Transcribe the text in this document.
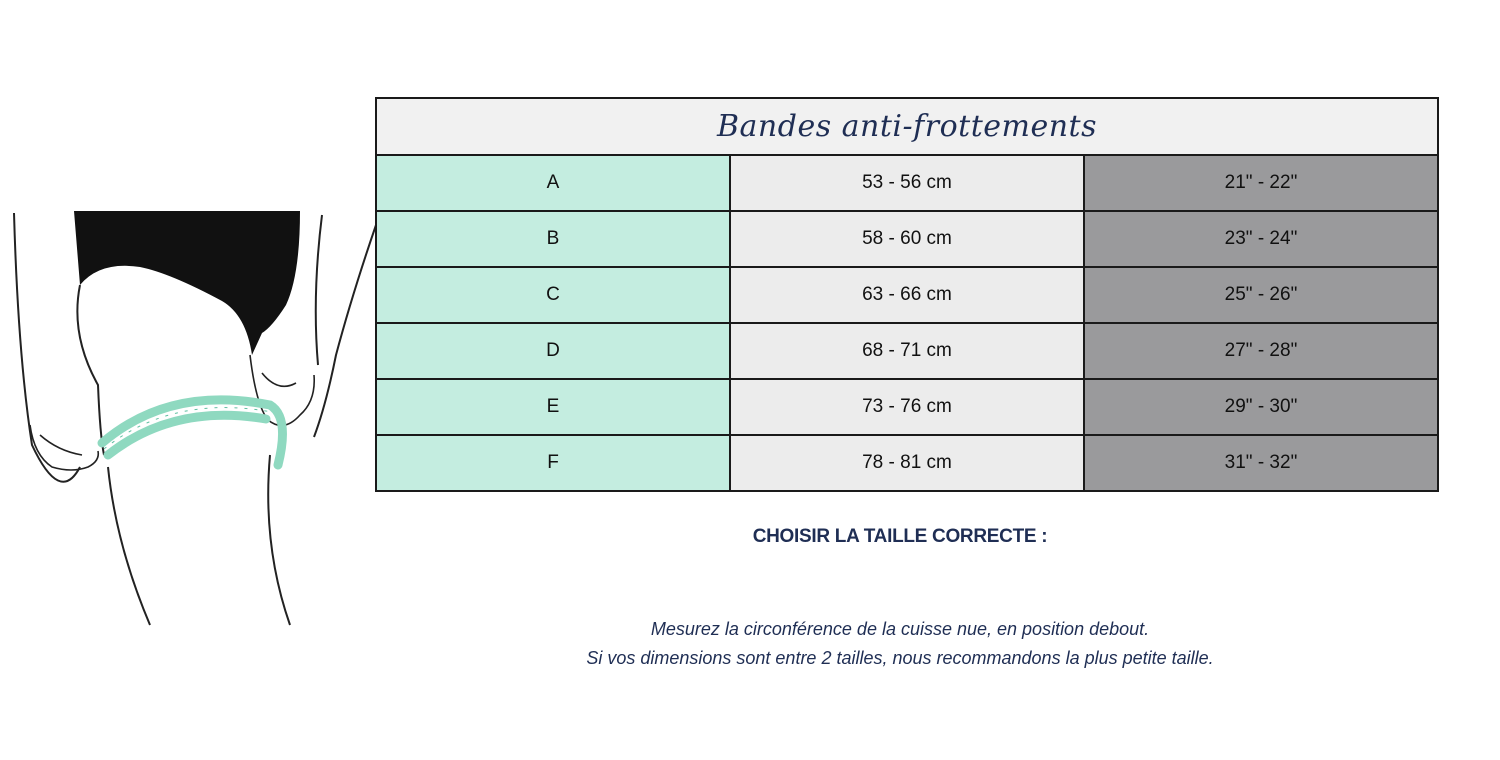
Bandes anti-frottements		
A	53 - 56 cm	21" - 22"
B	58 - 60 cm	23" - 24"
C	63 - 66 cm	25" - 26"
D	68 - 71 cm	27" - 28"
E	73 - 76 cm	29" - 30"
F	78 - 81 cm	31" - 32"
CHOISIR LA TAILLE CORRECTE :
Mesurez la circonférence de la cuisse nue, en position debout.
Si vos dimensions sont entre 2 tailles, nous recommandons la plus petite taille.
